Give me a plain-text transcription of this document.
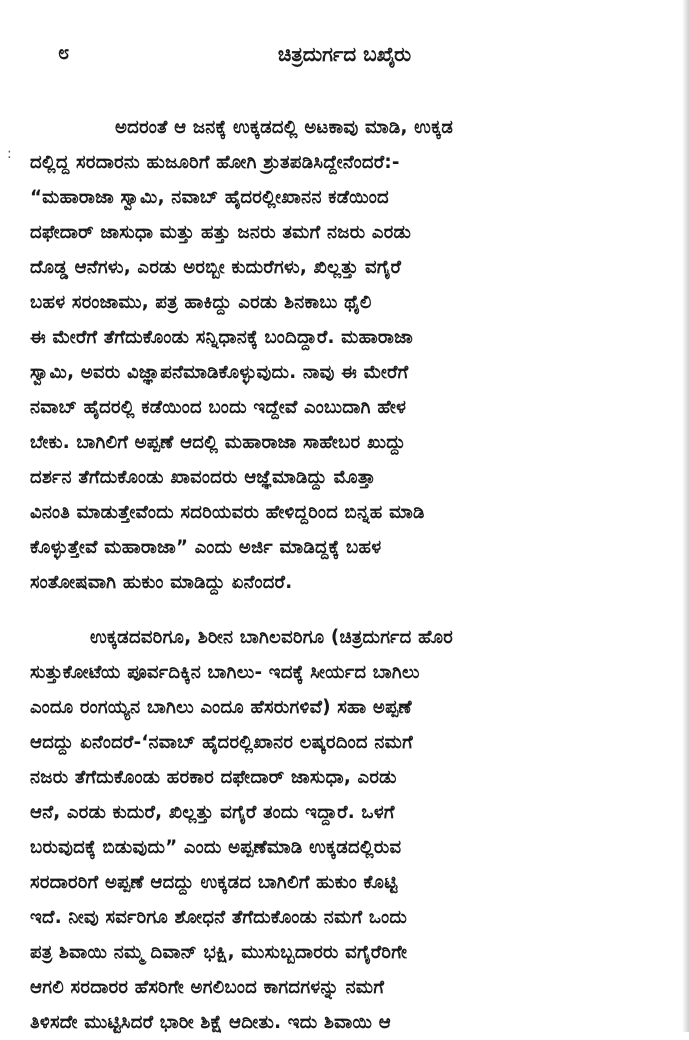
:
೮	ಚಿತ್ರದುರ್ಗದ ಬಖೈರು
ಅದರಂತೆ ಆ ಜನಕ್ಕೆ ಉಕ್ಕಡದಲ್ಲಿ ಅಟಕಾವು ಮಾಡಿ, ಉಕ್ಕಡ
ದಲ್ಲಿದ್ದ ಸರದಾರನು ಹುಜೂರಿಗೆ ಹೋಗಿ ಶ್ರುತಪಡಿಸಿದ್ದೇನೆಂದರೆ:-
“ಮಹಾರಾಜಾ ಸ್ವಾಮಿ, ನವಾಬ್ ಹೈದರಲ್ಲೀಖಾನನ ಕಡೆಯಿಂದ
ದಫೇದಾರ್ ಜಾಸುಧಾ ಮತ್ತು ಹತ್ತು ಜನರು ತಮಗೆ ನಜರು ಎರಡು
ದೊಡ್ಡ ಆನೆಗಳು, ಎರಡು ಅರಬ್ಬೀ ಕುದುರೆಗಳು, ಖಿಲ್ಲತ್ತು ವಗೈರೆ
ಬಹಳ ಸರಂಜಾಮು, ಪತ್ರ ಹಾಕಿದ್ದು ಎರಡು ಶಿನಕಾಬು ಥೈಲಿ
ಈ ಮೇರೆಗೆ ತೆಗೆದುಕೊಂಡು ಸನ್ನಿಧಾನಕ್ಕೆ ಬಂದಿದ್ದಾರೆ. ಮಹಾರಾಜಾ
ಸ್ವಾಮಿ, ಅವರು ವಿಜ್ಞಾಪನೆಮಾಡಿಕೊಳ್ಳುವುದು. ನಾವು ಈ ಮೇರೆಗೆ
ನವಾಬ್ ಹೈದರಲ್ಲಿ ಕಡೆಯಿಂದ ಬಂದು ಇದ್ದೇವೆ ಎಂಬುದಾಗಿ ಹೇಳ
ಬೇಕು. ಬಾಗಿಲಿಗೆ ಅಪ್ಪಣೆ ಆದಲ್ಲಿ ಮಹಾರಾಜಾ ಸಾಹೇಬರ ಖುದ್ದು
ದರ್ಶನ ತೆಗೆದುಕೊಂಡು ಖಾವಂದರು ಆಜ್ಞೆಮಾಡಿದ್ದು ಮೊತ್ತಾ
ವಿನಂತಿ ಮಾಡುತ್ತೇವೆಂದು ಸದರಿಯವರು ಹೇಳಿದ್ದರಿಂದ ಬಿನ್ನಹ ಮಾಡಿ
ಕೊಳ್ಳುತ್ತೇವೆ ಮಹಾರಾಜಾ” ಎಂದು ಅರ್ಜಿ ಮಾಡಿದ್ದಕ್ಕೆ ಬಹಳ
ಸಂತೋಷವಾಗಿ ಹುಕುಂ ಮಾಡಿದ್ದು ಏನೆಂದರೆ.
ಉಕ್ಕಡದವರಿಗೂ, ಶಿರೀನ ಬಾಗಿಲವರಿಗೂ (ಚಿತ್ರದುರ್ಗದ ಹೊರ
ಸುತ್ತುಕೋಟೆಯ ಪೂರ್ವದಿಕ್ಕಿನ ಬಾಗಿಲು- ಇದಕ್ಕೆ ಸೀರ್ಯದ ಬಾಗಿಲು
ಎಂದೂ ರಂಗಯ್ಯನ ಬಾಗಿಲು ಎಂದೂ ಹೆಸರುಗಳಿವೆ) ಸಹಾ ಅಪ್ಪಣೆ
ಆದದ್ದು ಏನೆಂದರೆ-‘ನವಾಬ್ ಹೈದರಲ್ಲಿಖಾನರ ಲಷ್ಕರದಿಂದ ನಮಗೆ
ನಜರು ತೆಗೆದುಕೊಂಡು ಹರಕಾರ ದಫೇದಾರ್ ಜಾಸುಧಾ, ಎರಡು
ಆನೆ, ಎರಡು ಕುದುರೆ, ಖಿಲ್ಲತ್ತು ವಗೈರೆ ತಂದು ಇದ್ದಾರೆ. ಒಳಗೆ
ಬರುವುದಕ್ಕೆ ಬಿಡುವುದು” ಎಂದು ಅಪ್ಪಣೆಮಾಡಿ ಉಕ್ಕಡದಲ್ಲಿರುವ
ಸರದಾರರಿಗೆ ಅಪ್ಪಣೆ ಆದದ್ದು ಉಕ್ಕಡದ ಬಾಗಿಲಿಗೆ ಹುಕುಂ ಕೊಟ್ಟಿ
ಇದೆ. ನೀವು ಸರ್ವರಿಗೂ ಶೋಧನೆ ತೆಗೆದುಕೊಂಡು ನಮಗೆ ಒಂದು
ಪತ್ರ ಶಿವಾಯಿ ನಮ್ಮ ದಿವಾನ್ ಭಕ್ಷಿ, ಮುಸುಬ್ಬದಾರರು ವಗೈರೆರಿಗೇ
ಆಗಲಿ ಸರದಾರರ ಹೆಸರಿಗೇ ಅಗಲಿಬಂದ ಕಾಗದಗಳನ್ನು ನಮಗೆ
ತಿಳಿಸದೇ ಮುಟ್ಟಿಸಿದರೆ ಭಾರೀ ಶಿಕ್ಷೆ ಆದೀತು. ಇದು ಶಿವಾಯಿ ಆ
